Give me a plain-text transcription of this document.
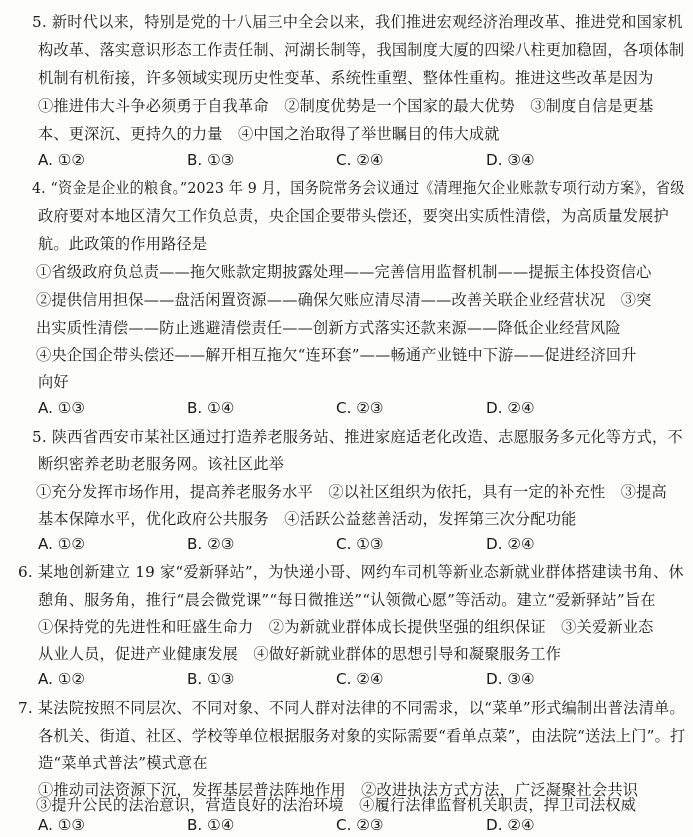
5. 新时代以来，特别是党的十八届三中全会以来，我们推进宏观经济治理改革、推进党和国家机
构改革、落实意识形态工作责任制、河湖长制等，我国制度大厦的四梁八柱更加稳固，各项体制
机制有机衔接，许多领域实现历史性变革、系统性重塑、整体性重构。推进这些改革是因为
①推进伟大斗争必须勇于自我革命　②制度优势是一个国家的最大优势　③制度自信是更基
本、更深沉、更持久的力量　④中国之治取得了举世瞩目的伟大成就
A. ①②	B. ①③	C. ②④	D. ③④
4. “资金是企业的粮食。”2023 年 9 月，国务院常务会议通过《清理拖欠企业账款专项行动方案》，省级
政府要对本地区清欠工作负总责，央企国企要带头偿还，要突出实质性清偿，为高质量发展护
航。此政策的作用路径是
①省级政府负总责——拖欠账款定期披露处理——完善信用监督机制——提振主体投资信心
②提供信用担保——盘活闲置资源——确保欠账应清尽清——改善关联企业经营状况　③突
出实质性清偿——防止逃避清偿责任——创新方式落实还款来源——降低企业经营风险
④央企国企带头偿还——解开相互拖欠“连环套”——畅通产业链中下游——促进经济回升
向好
A. ①③	B. ①④	C. ②③	D. ②④
5. 陕西省西安市某社区通过打造养老服务站、推进家庭适老化改造、志愿服务多元化等方式，不
断织密养老助老服务网。该社区此举
①充分发挥市场作用，提高养老服务水平　②以社区组织为依托，具有一定的补充性　③提高
基本保障水平，优化政府公共服务　④活跃公益慈善活动，发挥第三次分配功能
A. ①②	B. ②③	C. ①③	D. ②④
6. 某地创新建立 19 家“爱新驿站”，为快递小哥、网约车司机等新业态新就业群体搭建读书角、休
憩角、服务角，推行“晨会微党课”“每日微推送”“认领微心愿”等活动。建立“爱新驿站”旨在
①保持党的先进性和旺盛生命力　②为新就业群体成长提供坚强的组织保证　③关爱新业态
从业人员，促进产业健康发展　④做好新就业群体的思想引导和凝聚服务工作
A. ①②	B. ①③	C. ②④	D. ③④
7. 某法院按照不同层次、不同对象、不同人群对法律的不同需求，以“菜单”形式编制出普法清单。
各机关、街道、社区、学校等单位根据服务对象的实际需要“看单点菜”，由法院“送法上门”。打
造“菜单式普法”模式意在
①推动司法资源下沉，发挥基层普法阵地作用　②改进执法方式方法，广泛凝聚社会共识
③提升公民的法治意识，营造良好的法治环境　④履行法律监督机关职责，捍卫司法权威
A. ①③	B. ①④	C. ②③	D. ②④
